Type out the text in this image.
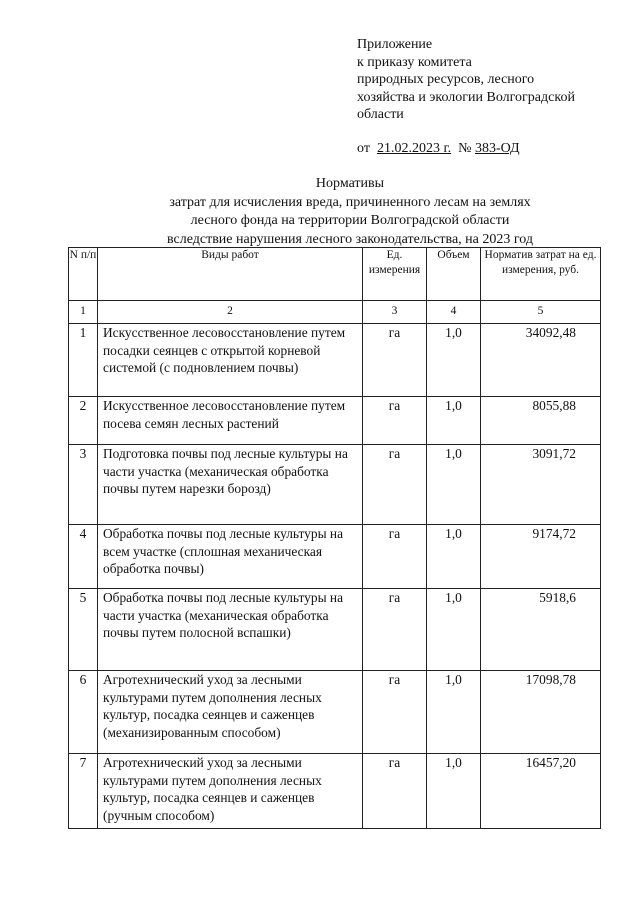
Приложение
к приказу комитета
природных ресурсов, лесного
хозяйства и экологии Волгоградской
области
от 21.02.2023 г. № 383-ОД
Нормативы
затрат для исчисления вреда, причиненного лесам на землях
лесного фонда на территории Волгоградской области
вследствие нарушения лесного законодательства, на 2023 год
N п/п	Виды работ	Ед. измерения	Объем	Норматив затрат на ед. измерения, руб.
1	2	3	4	5
1	Искусственное лесовосстановление путем посадки сеянцев с открытой корневой системой (с подновлением почвы)	га	1,0	34092,48
2	Искусственное лесовосстановление путем посева семян лесных растений	га	1,0	8055,88
3	Подготовка почвы под лесные культуры на части участка (механическая обработка почвы путем нарезки борозд)	га	1,0	3091,72
4	Обработка почвы под лесные культуры на всем участке (сплошная механическая обработка почвы)	га	1,0	9174,72
5	Обработка почвы под лесные культуры на части участка (механическая обработка почвы путем полосной вспашки)	га	1,0	5918,6
6	Агротехнический уход за лесными культурами путем дополнения лесных культур, посадка сеянцев и саженцев (механизированным способом)	га	1,0	17098,78
7	Агротехнический уход за лесными культурами путем дополнения лесных культур, посадка сеянцев и саженцев (ручным способом)	га	1,0	16457,20
